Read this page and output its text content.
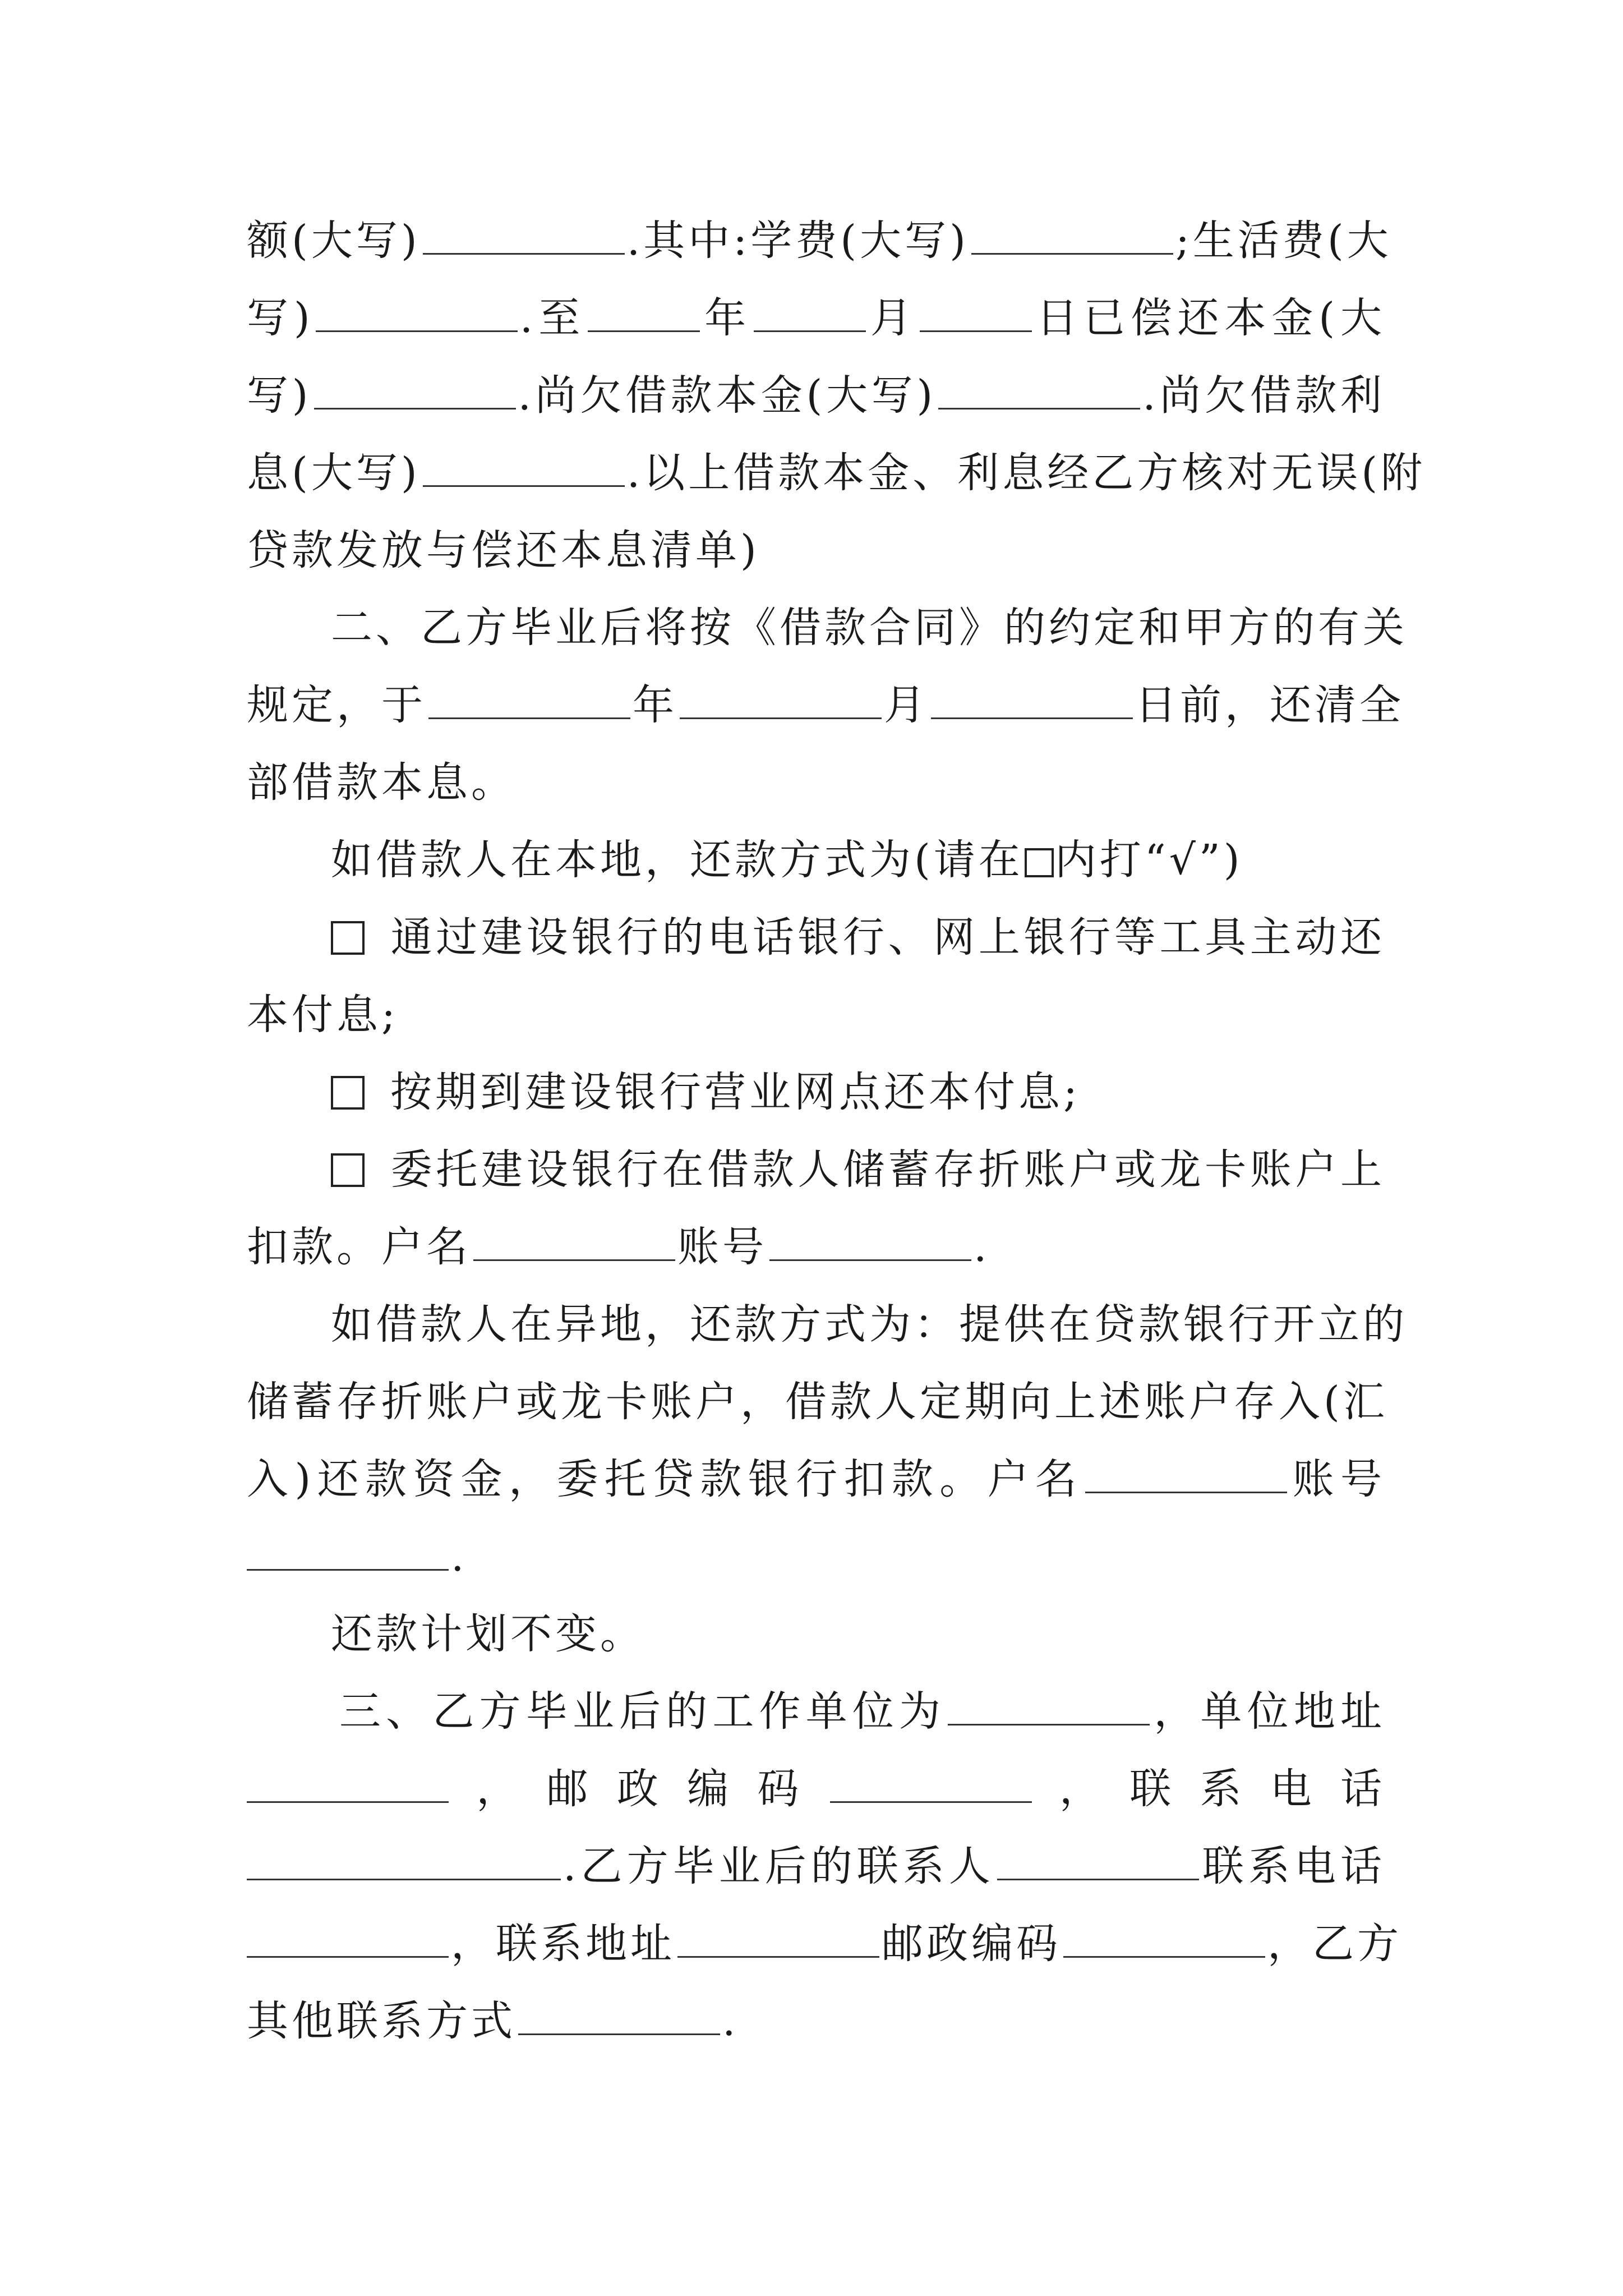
额(大写)	.其中:学费(大写)	;生活费(大
写)	.至	年	月	日已偿还本金(大
写)	.尚欠借款本金(大写)	.尚欠借款利
息(大写)	.以上借款本金、利息经乙方核对无误(附
贷款发放与偿还本息清单)
二、乙方毕业后将按《借款合同》的约定和甲方的有关
规定，于	年	月	日前，还清全
部借款本息。
如借款人在本地，还款方式为(请在 内打“√”)
通过建设银行的电话银行、网上银行等工具主动还
本付息;
按期到建设银行营业网点还本付息;
委托建设银行在借款人储蓄存折账户或龙卡账户上
扣款。户名	账号	.
如借款人在异地，还款方式为：提供在贷款银行开立的
储蓄存折账户或龙卡账户，借款人定期向上述账户存入(汇
入)还款资金，委托贷款银行扣款。户名	账号
.
还款计划不变。
三、乙方毕业后的工作单位为	，单位地址
，邮政编码	，联系电话
.乙方毕业后的联系人	联系电话
，联系地址	邮政编码	，乙方
其他联系方式	.
